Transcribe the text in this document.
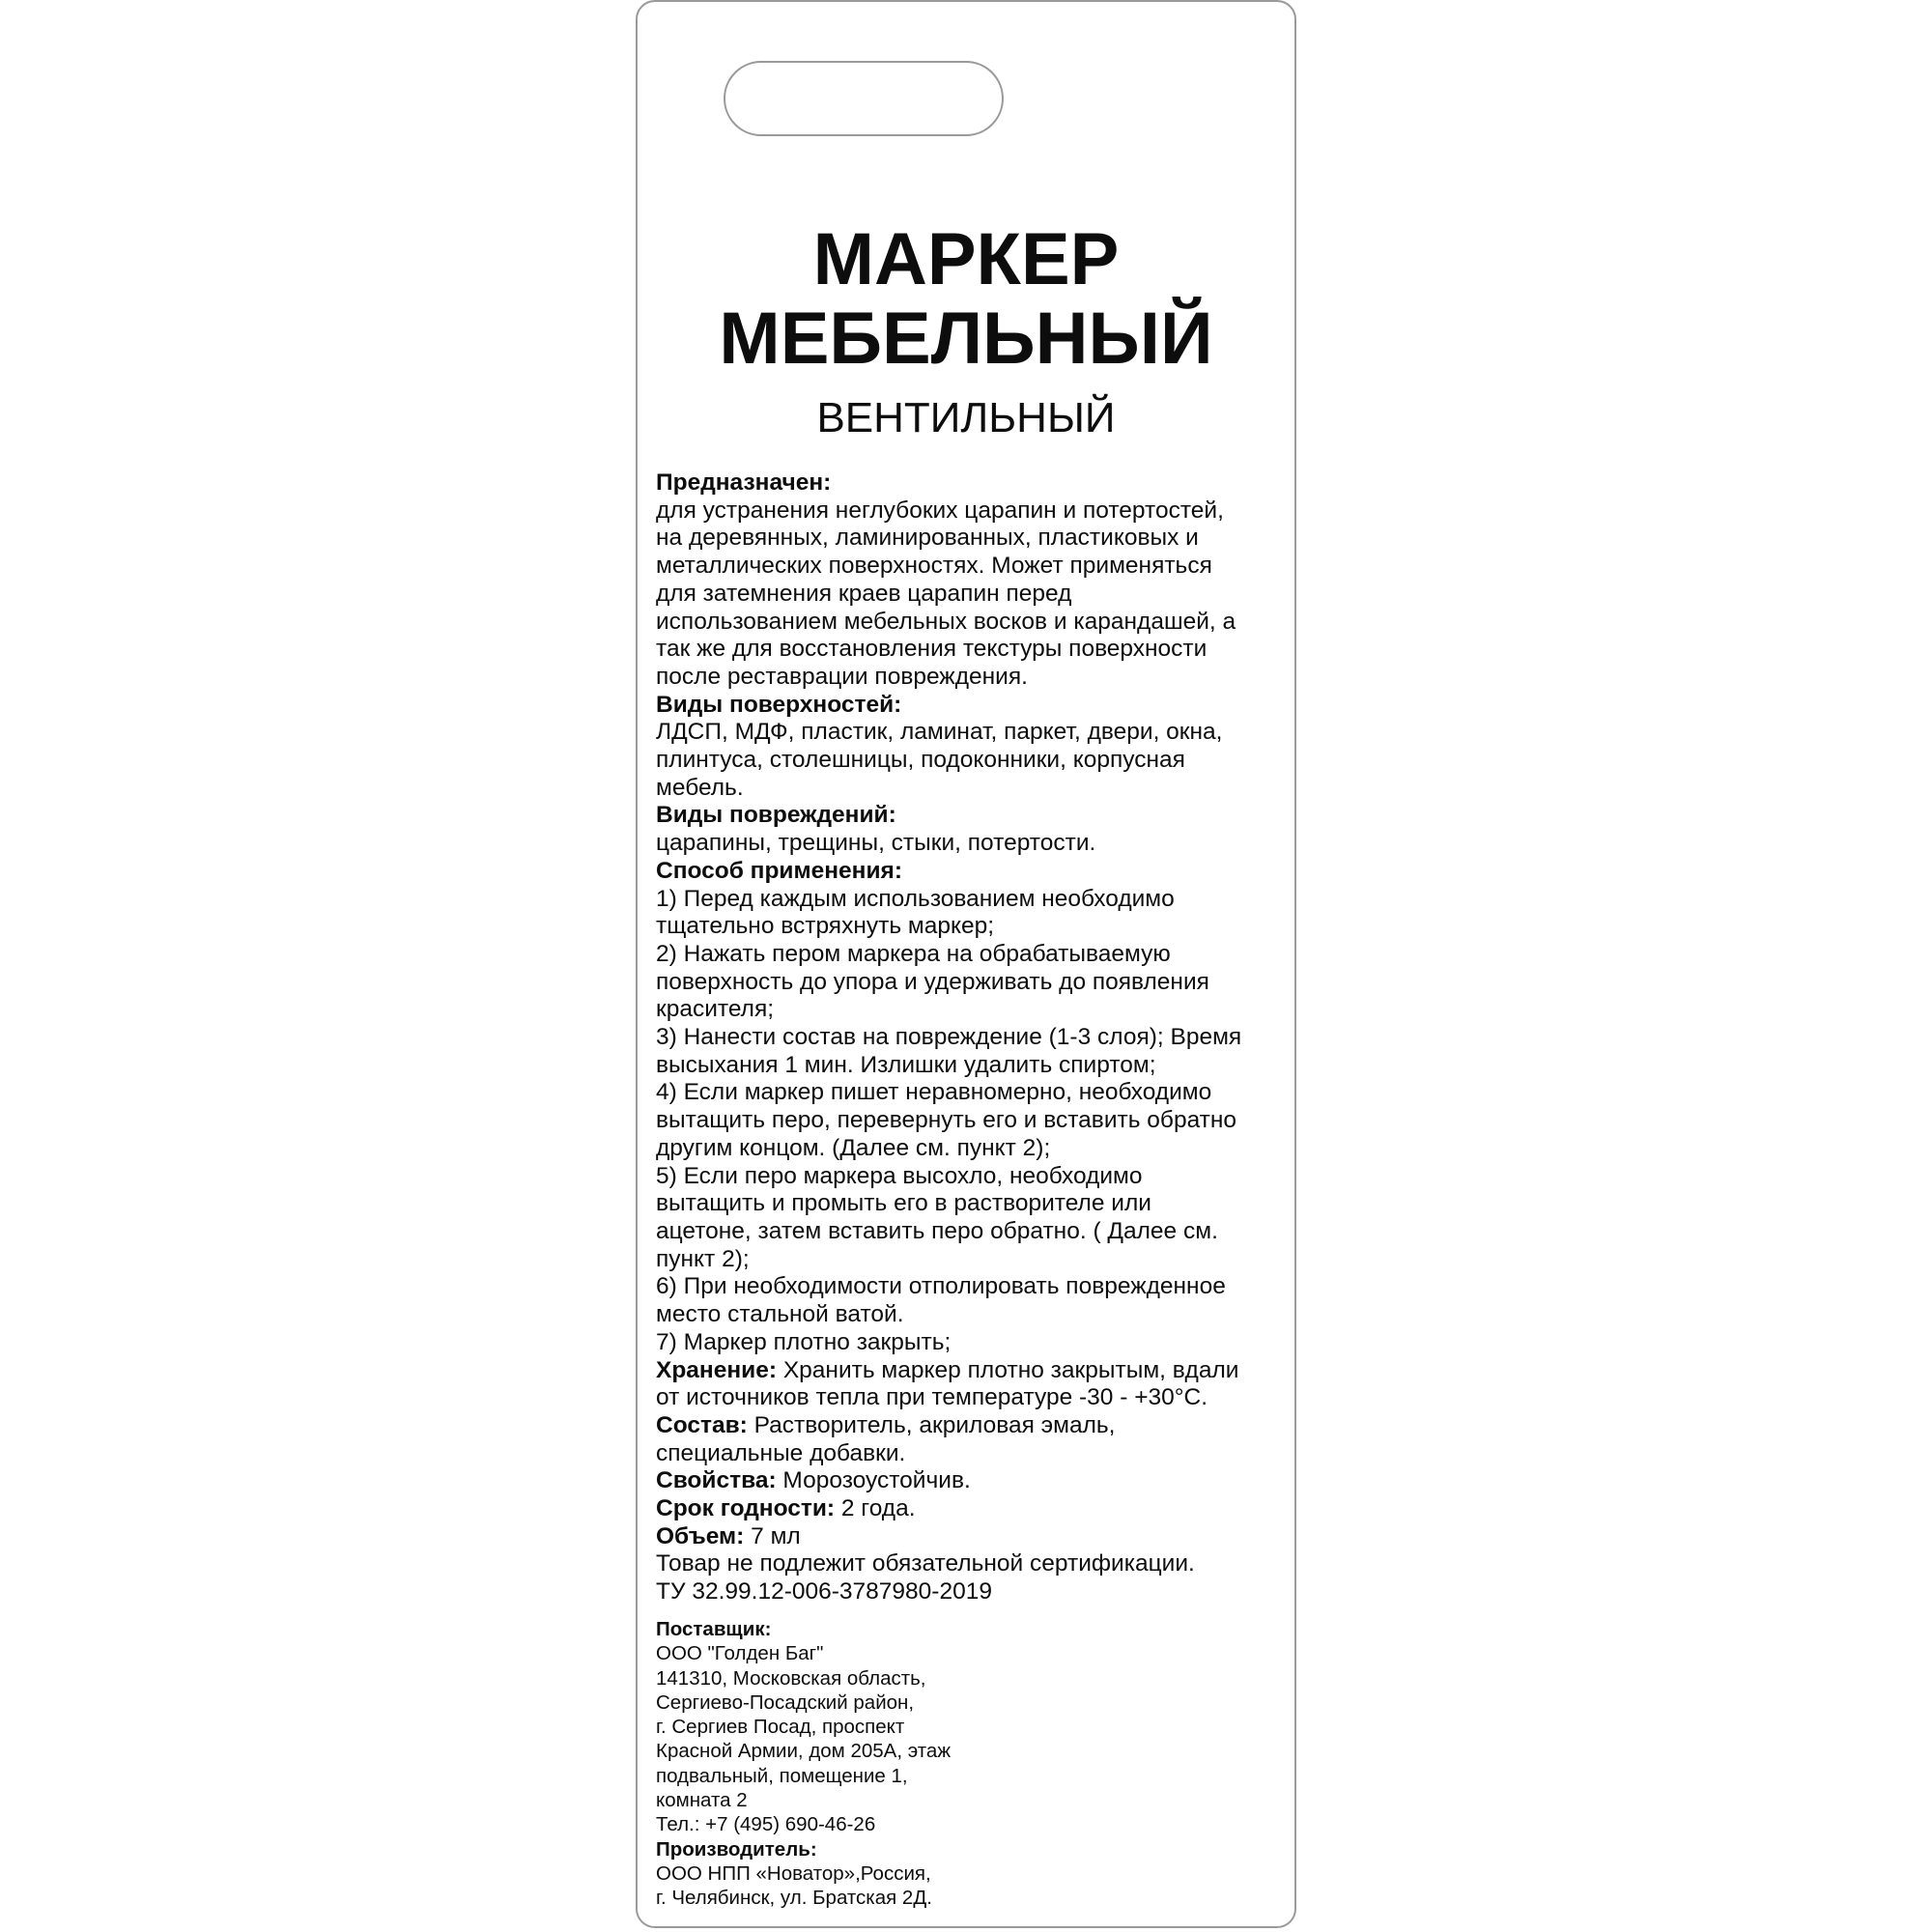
МАРКЕР
МЕБЕЛЬНЫЙ
ВЕНТИЛЬНЫЙ
Предназначен:
для устранения неглубоких царапин и потертостей,
на деревянных, ламинированных, пластиковых и
металлических поверхностях. Может применяться
для затемнения краев царапин перед
использованием мебельных восков и карандашей, а
так же для восстановления текстуры поверхности
после реставрации повреждения.
Виды поверхностей:
ЛДСП, МДФ, пластик, ламинат, паркет, двери, окна,
плинтуса, столешницы, подоконники, корпусная
мебель.
Виды повреждений:
царапины, трещины, стыки, потертости.
Способ применения:
1) Перед каждым использованием необходимо
тщательно встряхнуть маркер;
2) Нажать пером маркера на обрабатываемую
поверхность до упора и удерживать до появления
красителя;
3) Нанести состав на повреждение (1-3 слоя); Время
высыхания 1 мин. Излишки удалить спиртом;
4) Если маркер пишет неравномерно, необходимо
вытащить перо, перевернуть его и вставить обратно
другим концом. (Далее см. пункт 2);
5) Если перо маркера высохло, необходимо
вытащить и промыть его в растворителе или
ацетоне, затем вставить перо обратно. ( Далее см.
пункт 2);
6) При необходимости отполировать поврежденное
место стальной ватой.
7) Маркер плотно закрыть;
Хранение: Хранить маркер плотно закрытым, вдали
от источников тепла при температуре -30 - +30°С.
Состав: Растворитель, акриловая эмаль,
специальные добавки.
Свойства: Морозоустойчив.
Срок годности: 2 года.
Объем: 7 мл
Товар не подлежит обязательной сертификации.
ТУ 32.99.12-006-3787980-2019
Поставщик:
ООО "Голден Баг"
141310, Московская область,
Сергиево-Посадский район,
г. Сергиев Посад, проспект
Красной Армии, дом 205А, этаж
подвальный, помещение 1,
комната 2
Тел.: +7 (495) 690-46-26
Производитель:
ООО НПП «Новатор»,Россия,
г. Челябинск, ул. Братская 2Д.
